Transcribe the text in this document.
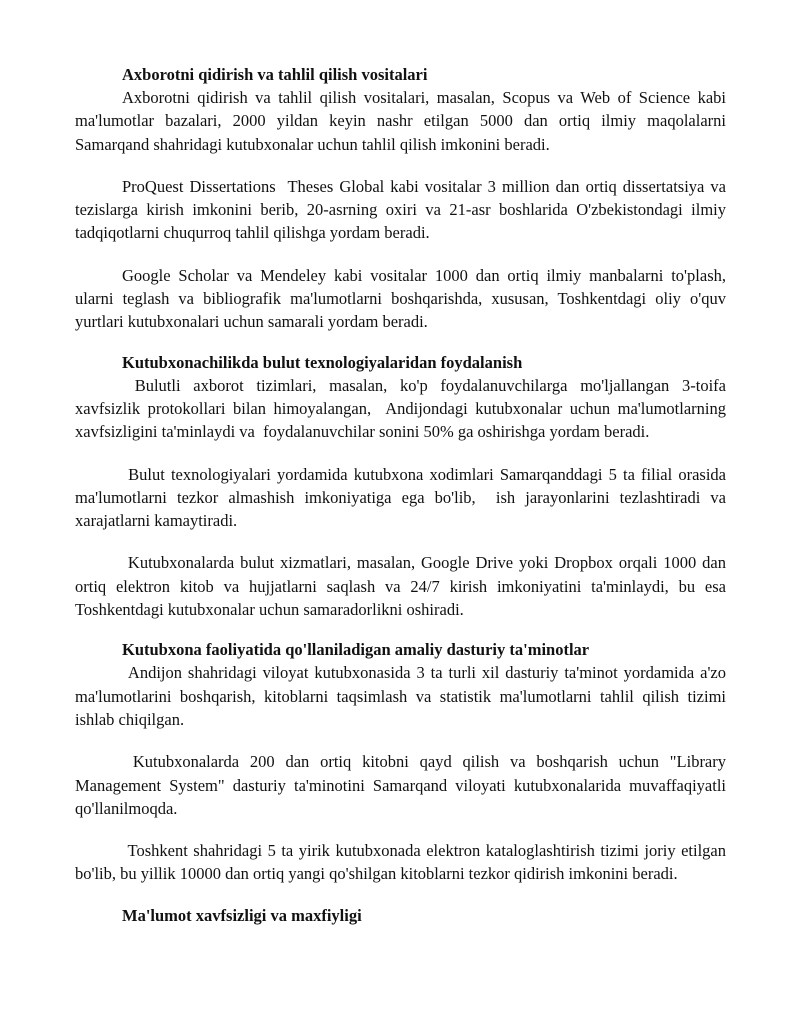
Axborotni qidirish va tahlil qilish vositalari

Axborotni qidirish va tahlil qilish vositalari, masalan, Scopus va Web of Science kabi ma'lumotlar bazalari, 2000 yildan keyin nashr etilgan 5000 dan ortiq ilmiy maqolalarni Samarqand shahridagi kutubxonalar uchun tahlil qilish imkonini beradi.

ProQuest Dissertations  Theses Global kabi vositalar 3 million dan ortiq dissertatsiya va tezislarga kirish imkonini berib, 20-asrning oxiri va 21-asr boshlarida O'zbekistondagi ilmiy tadqiqotlarni chuqurroq tahlil qilishga yordam beradi.

Google Scholar va Mendeley kabi vositalar 1000 dan ortiq ilmiy manbalarni to'plash, ularni teglash va bibliografik ma'lumotlarni boshqarishda, xususan, Toshkentdagi oliy o'quv yurtlari kutubxonalari uchun samarali yordam beradi.

Kutubxonachilikda bulut texnologiyalaridan foydalanish

Bulutli axborot tizimlari, masalan, ko'p foydalanuvchilarga mo'ljallangan 3-toifa xavfsizlik protokollari bilan himoyalangan,  Andijondagi kutubxonalar uchun ma'lumotlarning xavfsizligini ta'minlaydi va  foydalanuvchilar sonini 50% ga oshirishga yordam beradi.

Bulut texnologiyalari yordamida kutubxona xodimlari Samarqanddagi 5 ta filial orasida ma'lumotlarni tezkor almashish imkoniyatiga ega bo'lib,  ish jarayonlarini tezlashtiradi va xarajatlarni kamaytiradi.

Kutubxonalarda bulut xizmatlari, masalan, Google Drive yoki Dropbox orqali 1000 dan ortiq elektron kitob va hujjatlarni saqlash va 24/7 kirish imkoniyatini ta'minlaydi, bu esa Toshkentdagi kutubxonalar uchun samaradorlikni oshiradi.

Kutubxona faoliyatida qo'llaniladigan amaliy dasturiy ta'minotlar

Andijon shahridagi viloyat kutubxonasida 3 ta turli xil dasturiy ta'minot yordamida a'zo ma'lumotlarini boshqarish, kitoblarni taqsimlash va statistik ma'lumotlarni tahlil qilish tizimi ishlab chiqilgan.

Kutubxonalarda 200 dan ortiq kitobni qayd qilish va boshqarish uchun "Library Management System" dasturiy ta'minotini Samarqand viloyati kutubxonalarida muvaffaqiyatli qo'llanilmoqda.

Toshkent shahridagi 5 ta yirik kutubxonada elektron kataloglashtirish tizimi joriy etilgan bo'lib, bu yillik 10000 dan ortiq yangi qo'shilgan kitoblarni tezkor qidirish imkonini beradi.

Ma'lumot xavfsizligi va maxfiyligi
